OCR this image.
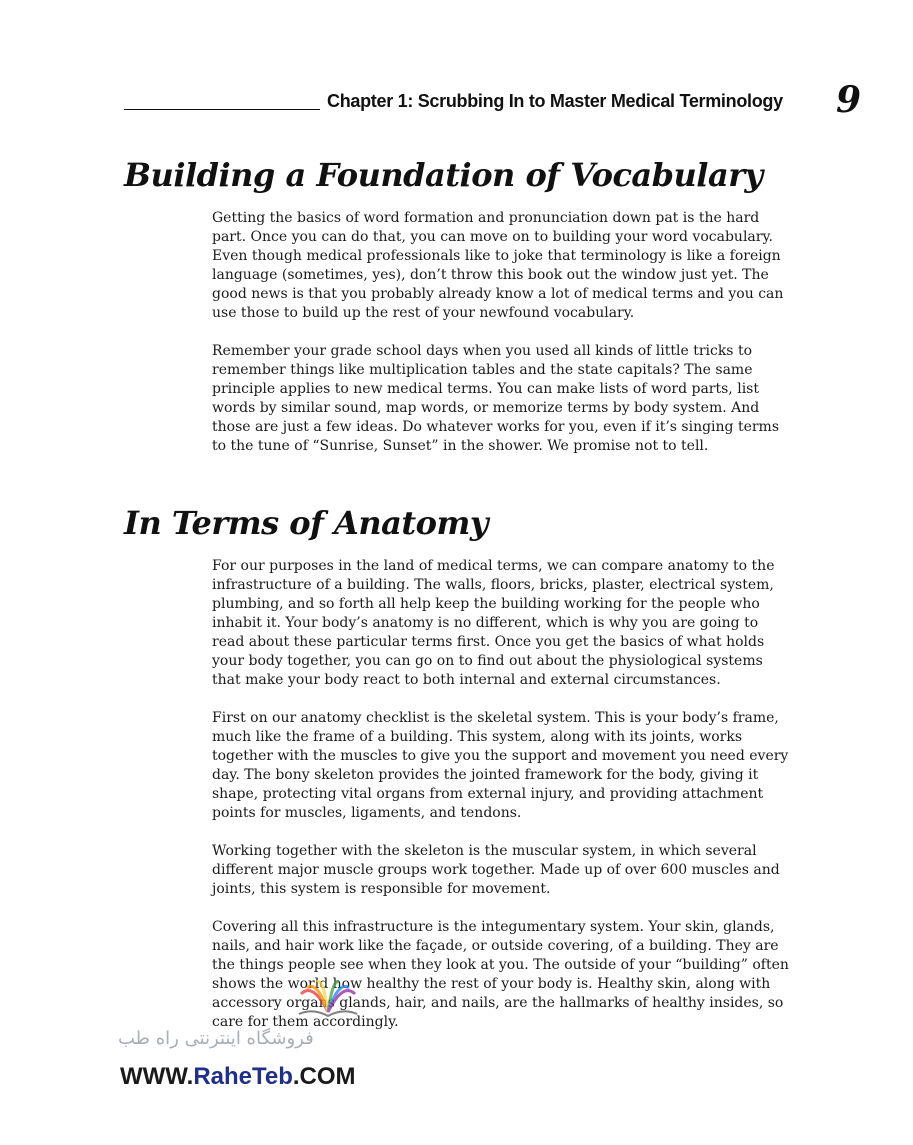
Chapter 1: Scrubbing In to Master Medical Terminology 9
Building a Foundation of Vocabulary

Getting the basics of word formation and pronunciation down pat is the hard part. Once you can do that, you can move on to building your word vocabulary. Even though medical professionals like to joke that terminology is like a foreign language (sometimes, yes), don’t throw this book out the window just yet. The good news is that you probably already know a lot of medical terms and you can use those to build up the rest of your newfound vocabulary.

Remember your grade school days when you used all kinds of little tricks to remember things like multiplication tables and the state capitals? The same principle applies to new medical terms. You can make lists of word parts, list words by similar sound, map words, or memorize terms by body system. And those are just a few ideas. Do whatever works for you, even if it’s singing terms to the tune of “Sunrise, Sunset” in the shower. We promise not to tell.

In Terms of Anatomy

For our purposes in the land of medical terms, we can compare anatomy to the infrastructure of a building. The walls, floors, bricks, plaster, electrical system, plumbing, and so forth all help keep the building working for the people who inhabit it. Your body’s anatomy is no different, which is why you are going to read about these particular terms first. Once you get the basics of what holds your body together, you can go on to find out about the physiological systems that make your body react to both internal and external circumstances.

First on our anatomy checklist is the skeletal system. This is your body’s frame, much like the frame of a building. This system, along with its joints, works together with the muscles to give you the support and movement you need every day. The bony skeleton provides the jointed framework for the body, giving it shape, protecting vital organs from external injury, and providing attachment points for muscles, ligaments, and tendons.

Working together with the skeleton is the muscular system, in which several different major muscle groups work together. Made up of over 600 muscles and joints, this system is responsible for movement.

Covering all this infrastructure is the integumentary system. Your skin, glands, nails, and hair work like the façade, or outside covering, of a building. They are the things people see when they look at you. The outside of your “building” often shows the world how healthy the rest of your body is. Healthy skin, along with accessory organs glands, hair, and nails, are the hallmarks of healthy insides, so care for them accordingly.

فروشگاه اینترنتی راه طب
WWW.RaheTeb.COM
